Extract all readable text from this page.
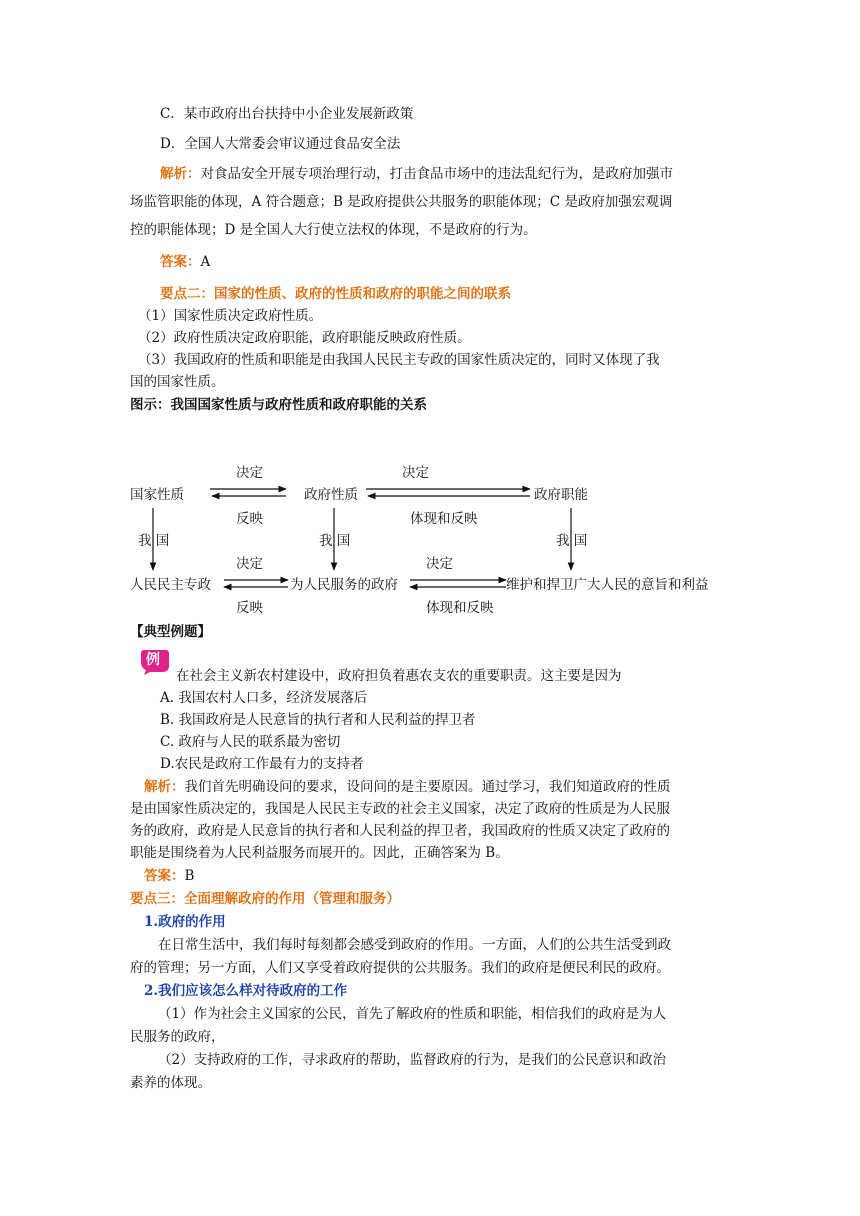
C．某市政府出台扶持中小企业发展新政策
D．全国人大常委会审议通过食品安全法
解析：对食品安全开展专项治理行动，打击食品市场中的违法乱纪行为，是政府加强市
场监管职能的体现，A 符合题意；B 是政府提供公共服务的职能体现；C 是政府加强宏观调
控的职能体现；D 是全国人大行使立法权的体现，不是政府的行为。
答案：A
要点二：国家的性质、政府的性质和政府的职能之间的联系
（1）国家性质决定政府性质。
（2）政府性质决定政府职能，政府职能反映政府性质。
（3）我国政府的性质和职能是由我国人民民主专政的国家性质决定的，同时又体现了我
国的国家性质。
图示：我国国家性质与政府性质和政府职能的关系
决定	决定
国家性质	政府性质	政府职能
反映	体现和反映
我 国	我 国	我 国
决定	决定
人民民主专政	为人民服务的政府	维护和捍卫广大人民的意旨和利益
反映	体现和反映
【典型例题】
例
在社会主义新农村建设中，政府担负着惠农支农的重要职责。这主要是因为
A. 我国农村人口多，经济发展落后
B. 我国政府是人民意旨的执行者和人民利益的捍卫者
C. 政府与人民的联系最为密切
D.农民是政府工作最有力的支持者
解析：我们首先明确设问的要求，设问问的是主要原因。通过学习，我们知道政府的性质
是由国家性质决定的，我国是人民民主专政的社会主义国家，决定了政府的性质是为人民服
务的政府，政府是人民意旨的执行者和人民利益的捍卫者，我国政府的性质又决定了政府的
职能是围绕着为人民利益服务而展开的。因此，正确答案为 B。
答案：B
要点三：全面理解政府的作用（管理和服务）
1.政府的作用
在日常生活中，我们每时每刻都会感受到政府的作用。一方面，人们的公共生活受到政
府的管理；另一方面，人们又享受着政府提供的公共服务。我们的政府是便民利民的政府。
2.我们应该怎么样对待政府的工作
（1）作为社会主义国家的公民，首先了解政府的性质和职能，相信我们的政府是为人
民服务的政府，
（2）支持政府的工作，寻求政府的帮助，监督政府的行为，是我们的公民意识和政治
素养的体现。
